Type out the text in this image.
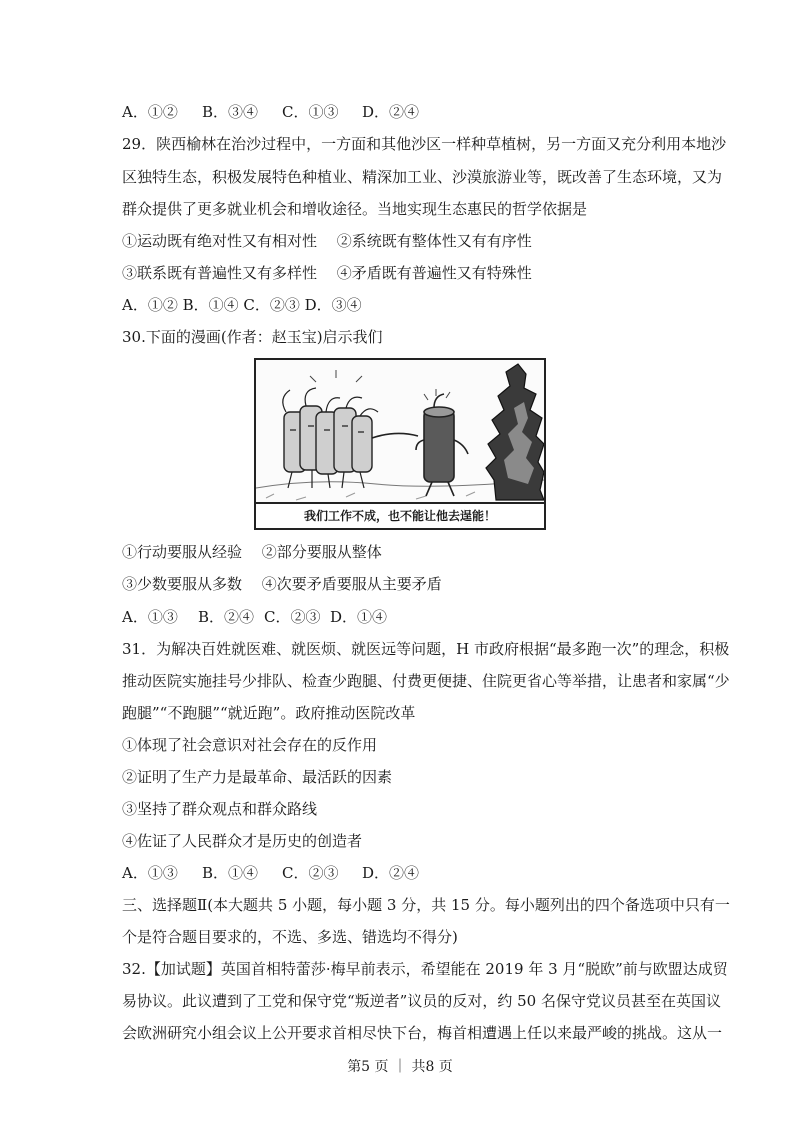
A．①② B．③④ C．①③ D．②④
29．陕西榆林在治沙过程中，一方面和其他沙区一样种草植树，另一方面又充分利用本地沙
区独特生态，积极发展特色种植业、精深加工业、沙漠旅游业等，既改善了生态环境，又为
群众提供了更多就业机会和增收途径。当地实现生态惠民的哲学依据是
①运动既有绝对性又有相对性　 ②系统既有整体性又有有序性
③联系既有普遍性又有多样性　 ④矛盾既有普遍性又有特殊性
A．①② B．①④ C．②③ D．③④
30.下面的漫画(作者：赵玉宝)启示我们
我们工作不成，也不能让他去逞能！
①行动要服从经验　 ②部分要服从整体
③少数要服从多数　 ④次要矛盾要服从主要矛盾
A．①③ B．②④ C．②③ D．①④
31．为解决百姓就医难、就医烦、就医远等问题，H 市政府根据“最多跑一次”的理念，积极
推动医院实施挂号少排队、检查少跑腿、付费更便捷、住院更省心等举措，让患者和家属“少
跑腿”“不跑腿”“就近跑”。政府推动医院改革
①体现了社会意识对社会存在的反作用
②证明了生产力是最革命、最活跃的因素
③坚持了群众观点和群众路线
④佐证了人民群众才是历史的创造者
A．①③ B．①④ C．②③ D．②④
三、选择题Ⅱ(本大题共 5 小题，每小题 3 分，共 15 分。每小题列出的四个备选项中只有一
个是符合题目要求的，不选、多选、错选均不得分)
32.【加试题】英国首相特蕾莎·梅早前表示，希望能在 2019 年 3 月“脱欧”前与欧盟达成贸
易协议。此议遭到了工党和保守党“叛逆者”议员的反对，约 50 名保守党议员甚至在英国议
会欧洲研究小组会议上公开要求首相尽快下台，梅首相遭遇上任以来最严峻的挑战。这从一
第5 页 ｜ 共8 页
